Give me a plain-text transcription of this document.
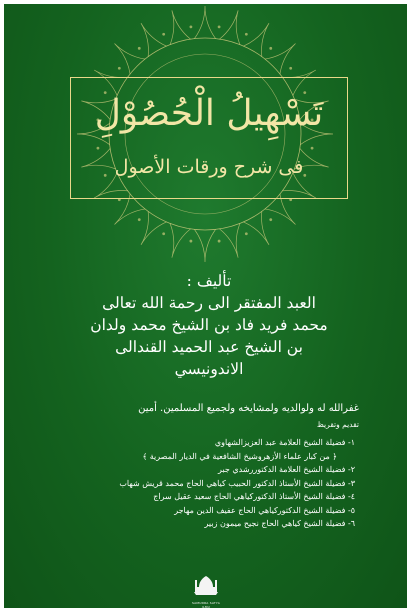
تَسْهِيلُ الْحُصُوْلِ
فى شرح ورقات الأصول
تأليف :
العبد المفتقر الى رحمة الله تعالى
محمد فريد فاد بن الشيخ محمد ولدان
بن الشيخ عبد الحميد القندالى
الاندونيسي
غفرالله له ولوالديه ولمشايخه ولجميع المسلمين. أمين
تقديم وتقريظ
١- فضيلة الشيخ العلامة عبد العزيزالشهاوي
﴿ من كبار علماء الأزهروشيخ الشافعية في الديار المصرية ﴾
٢- فضيلة الشيخ العلامة الدكتوررشدي جبر
٣- فضيلة الشيخ الأستاذ الدكتور الحبيب كياهي الحاج محمد قريش شهاب
٤- فضيلة الشيخ الأستاذ الدكتوركياهي الحاج سعيد عقيل سراج
٥- فضيلة الشيخ الدكتوركياهي الحاج عفيف الدين مهاجر
٦- فضيلة الشيخ كياهي الحاج نجيح ميمون زبير
SAMUDRA SATYA ILMU
